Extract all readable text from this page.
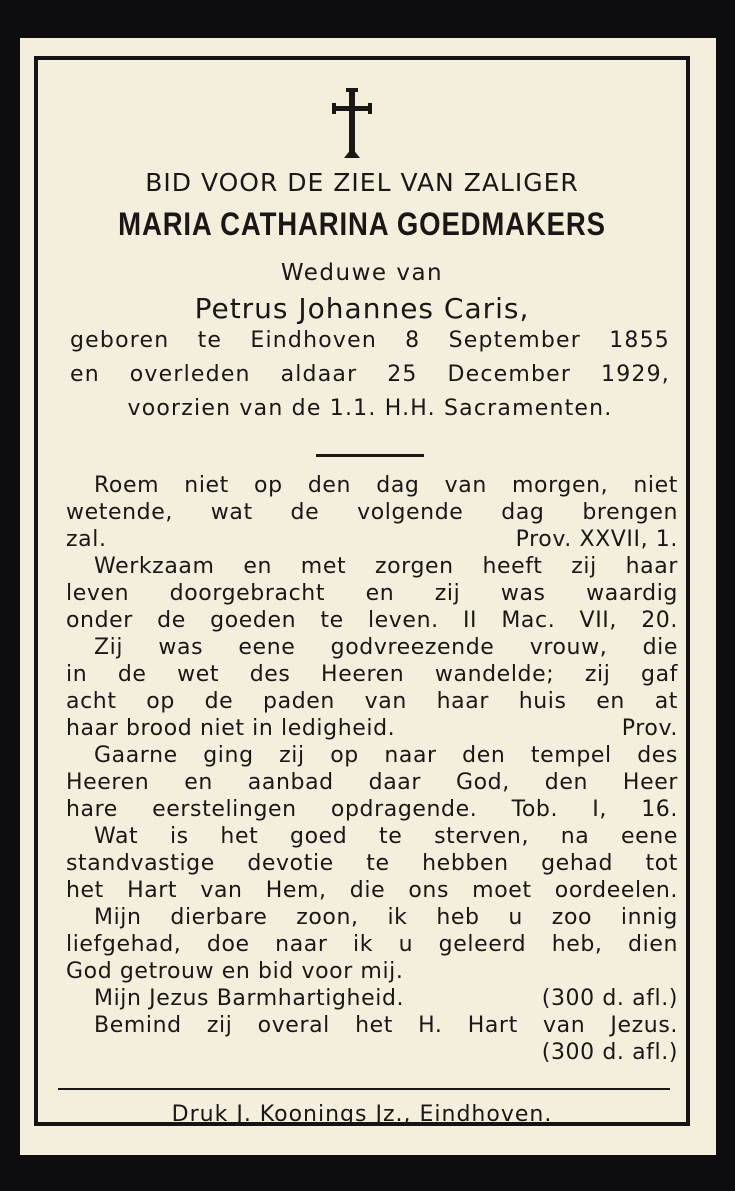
BID VOOR DE ZIEL VAN ZALIGER
MARIA CATHARINA GOEDMAKERS
Weduwe van
Petrus Johannes Caris,
geboren te Eindhoven 8 September 1855
en overleden aldaar 25 December 1929,
voorzien van de 1.1. H.H. Sacramenten.
Roem niet op den dag van morgen, niet
wetende, wat de volgende dag brengen
zal.	Prov. XXVII, 1.
Werkzaam en met zorgen heeft zij haar
leven doorgebracht en zij was waardig
onder de goeden te leven. II Mac. VII, 20.
Zij was eene godvreezende vrouw, die
in de wet des Heeren wandelde; zij gaf
acht op de paden van haar huis en at
haar brood niet in ledigheid.	Prov.
Gaarne ging zij op naar den tempel des
Heeren en aanbad daar God, den Heer
hare eerstelingen opdragende. Tob. I, 16.
Wat is het goed te sterven, na eene
standvastige devotie te hebben gehad tot
het Hart van Hem, die ons moet oordeelen.
Mijn dierbare zoon, ik heb u zoo innig
liefgehad, doe naar ik u geleerd heb, dien
God getrouw en bid voor mij.
Mijn Jezus Barmhartigheid.	(300 d. afl.)
Bemind zij overal het H. Hart van Jezus.
(300 d. afl.)
Druk J. Koonings Jz., Eindhoven.
